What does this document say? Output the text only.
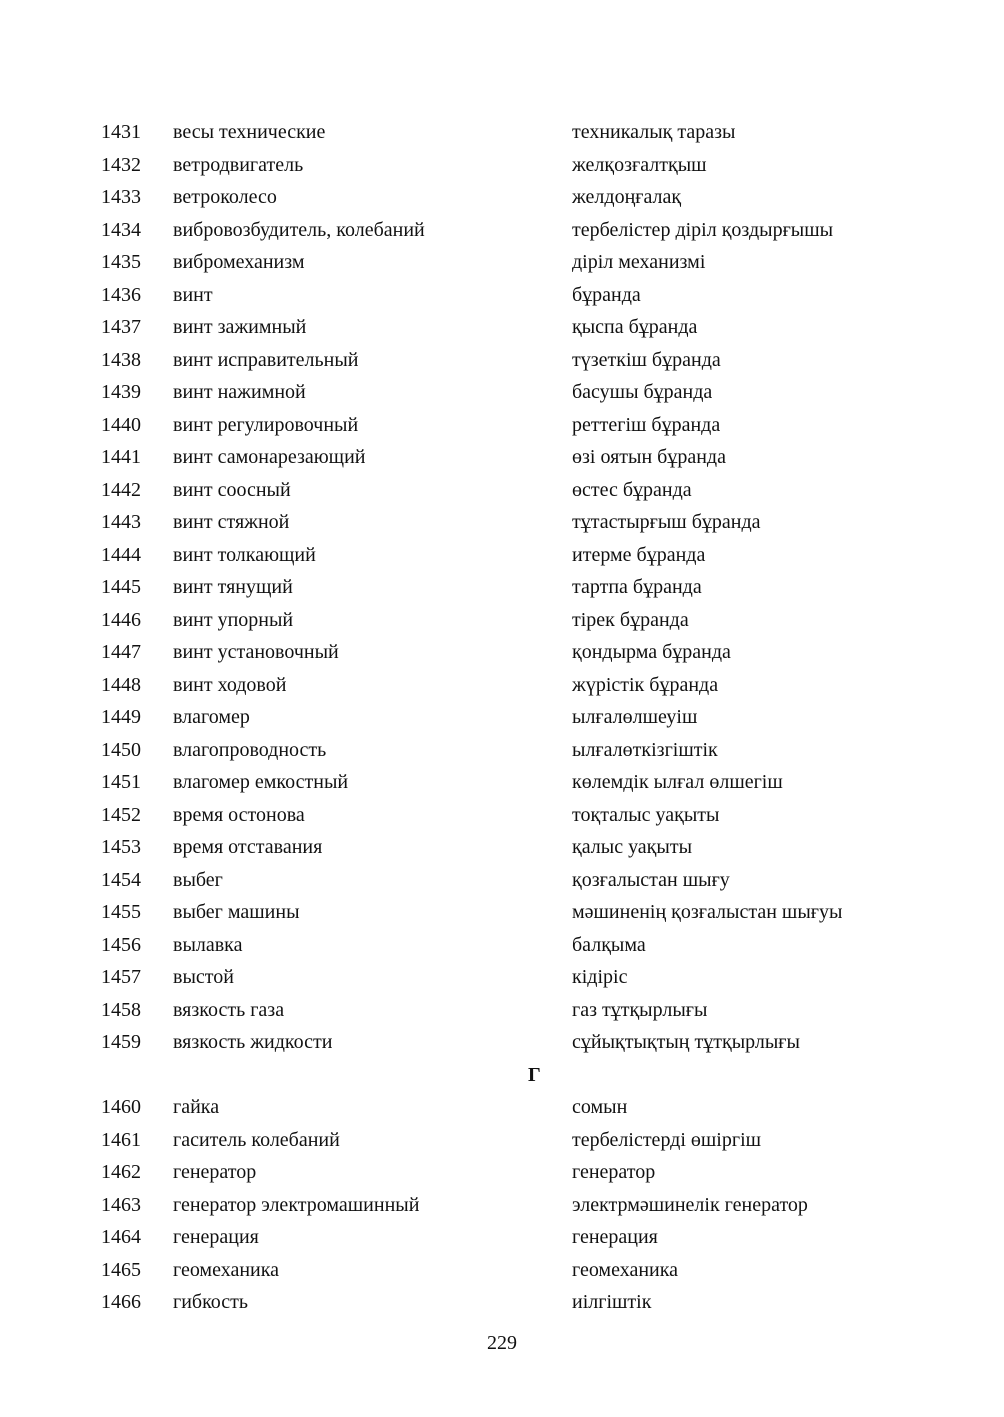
1431 весы технические	техникалық таразы
1432 ветродвигатель	желқозғалтқыш
1433 ветроколесо	желдоңғалақ
1434 вибровозбудитель, колебаний	тербелістер діріл қоздырғышы
1435 вибромеханизм	діріл механизмі
1436 винт	бұранда
1437 винт зажимный	қыспа бұранда
1438 винт исправительный	түзеткіш бұранда
1439 винт нажимной	басушы бұранда
1440 винт регулировочный	реттегіш бұранда
1441 винт самонарезающий	өзі оятын бұранда
1442 винт соосный	өстес бұранда
1443 винт стяжной	тұтастырғыш бұранда
1444 винт толкающий	итерме бұранда
1445 винт тянущий	тартпа бұранда
1446 винт упорный	тірек бұранда
1447 винт установочный	қондырма бұранда
1448 винт ходовой	жүрістік бұранда
1449 влагомер	ылғалөлшеуіш
1450 влагопроводность	ылғалөткізгіштік
1451 влагомер емкостный	көлемдік ылғал өлшегіш
1452 время остонова	тоқталыс уақыты
1453 время отставания	қалыс уақыты
1454 выбег	қозғалыстан шығу
1455 выбег машины	мәшиненің қозғалыстан шығуы
1456 вылавка	балқыма
1457 выстой	кідіріс
1458 вязкость газа	газ тұтқырлығы
1459 вязкость жидкости	сұйықтықтың тұтқырлығы
Г
1460 гайка	сомын
1461 гаситель колебаний	тербелістерді өшіргіш
1462 генератор	генератор
1463 генератор электромашинный	электрмәшинелік генератор
1464 генерация	генерация
1465 геомеханика	геомеханика
1466 гибкость	иілгіштік
229
